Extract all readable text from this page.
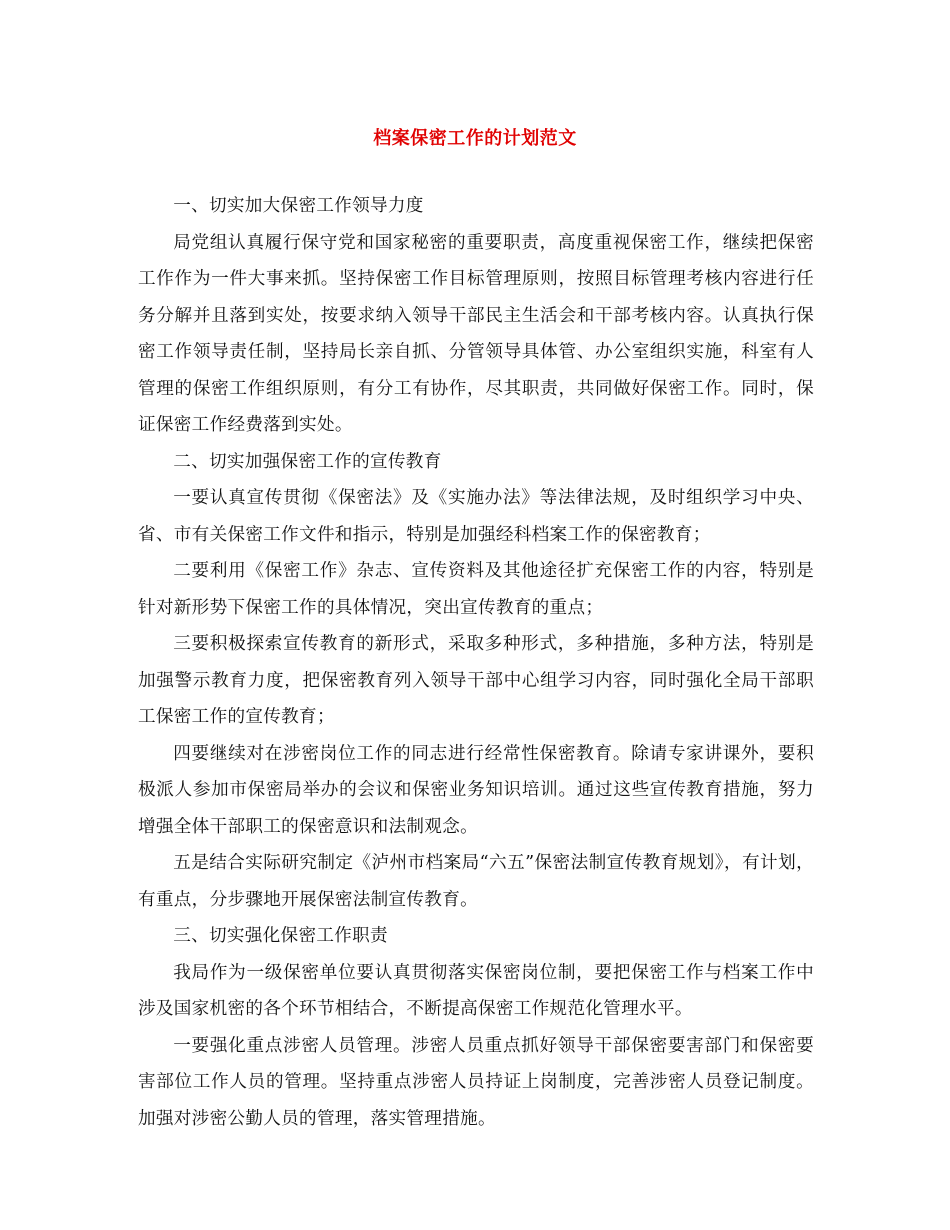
档案保密工作的计划范文

一、切实加大保密工作领导力度

局党组认真履行保守党和国家秘密的重要职责，高度重视保密工作，继续把保密工作作为一件大事来抓。坚持保密工作目标管理原则，按照目标管理考核内容进行任务分解并且落到实处，按要求纳入领导干部民主生活会和干部考核内容。认真执行保密工作领导责任制，坚持局长亲自抓、分管领导具体管、办公室组织实施，科室有人管理的保密工作组织原则，有分工有协作，尽其职责，共同做好保密工作。同时，保证保密工作经费落到实处。

二、切实加强保密工作的宣传教育

一要认真宣传贯彻《保密法》及《实施办法》等法律法规，及时组织学习中央、省、市有关保密工作文件和指示，特别是加强经科档案工作的保密教育；

二要利用《保密工作》杂志、宣传资料及其他途径扩充保密工作的内容，特别是针对新形势下保密工作的具体情况，突出宣传教育的重点；

三要积极探索宣传教育的新形式，采取多种形式，多种措施，多种方法，特别是加强警示教育力度，把保密教育列入领导干部中心组学习内容，同时强化全局干部职工保密工作的宣传教育；

四要继续对在涉密岗位工作的同志进行经常性保密教育。除请专家讲课外，要积极派人参加市保密局举办的会议和保密业务知识培训。通过这些宣传教育措施，努力增强全体干部职工的保密意识和法制观念。

五是结合实际研究制定《泸州市档案局“六五”保密法制宣传教育规划》，有计划，有重点，分步骤地开展保密法制宣传教育。

三、切实强化保密工作职责

我局作为一级保密单位要认真贯彻落实保密岗位制，要把保密工作与档案工作中涉及国家机密的各个环节相结合，不断提高保密工作规范化管理水平。

一要强化重点涉密人员管理。涉密人员重点抓好领导干部保密要害部门和保密要害部位工作人员的管理。坚持重点涉密人员持证上岗制度，完善涉密人员登记制度。加强对涉密公勤人员的管理，落实管理措施。
